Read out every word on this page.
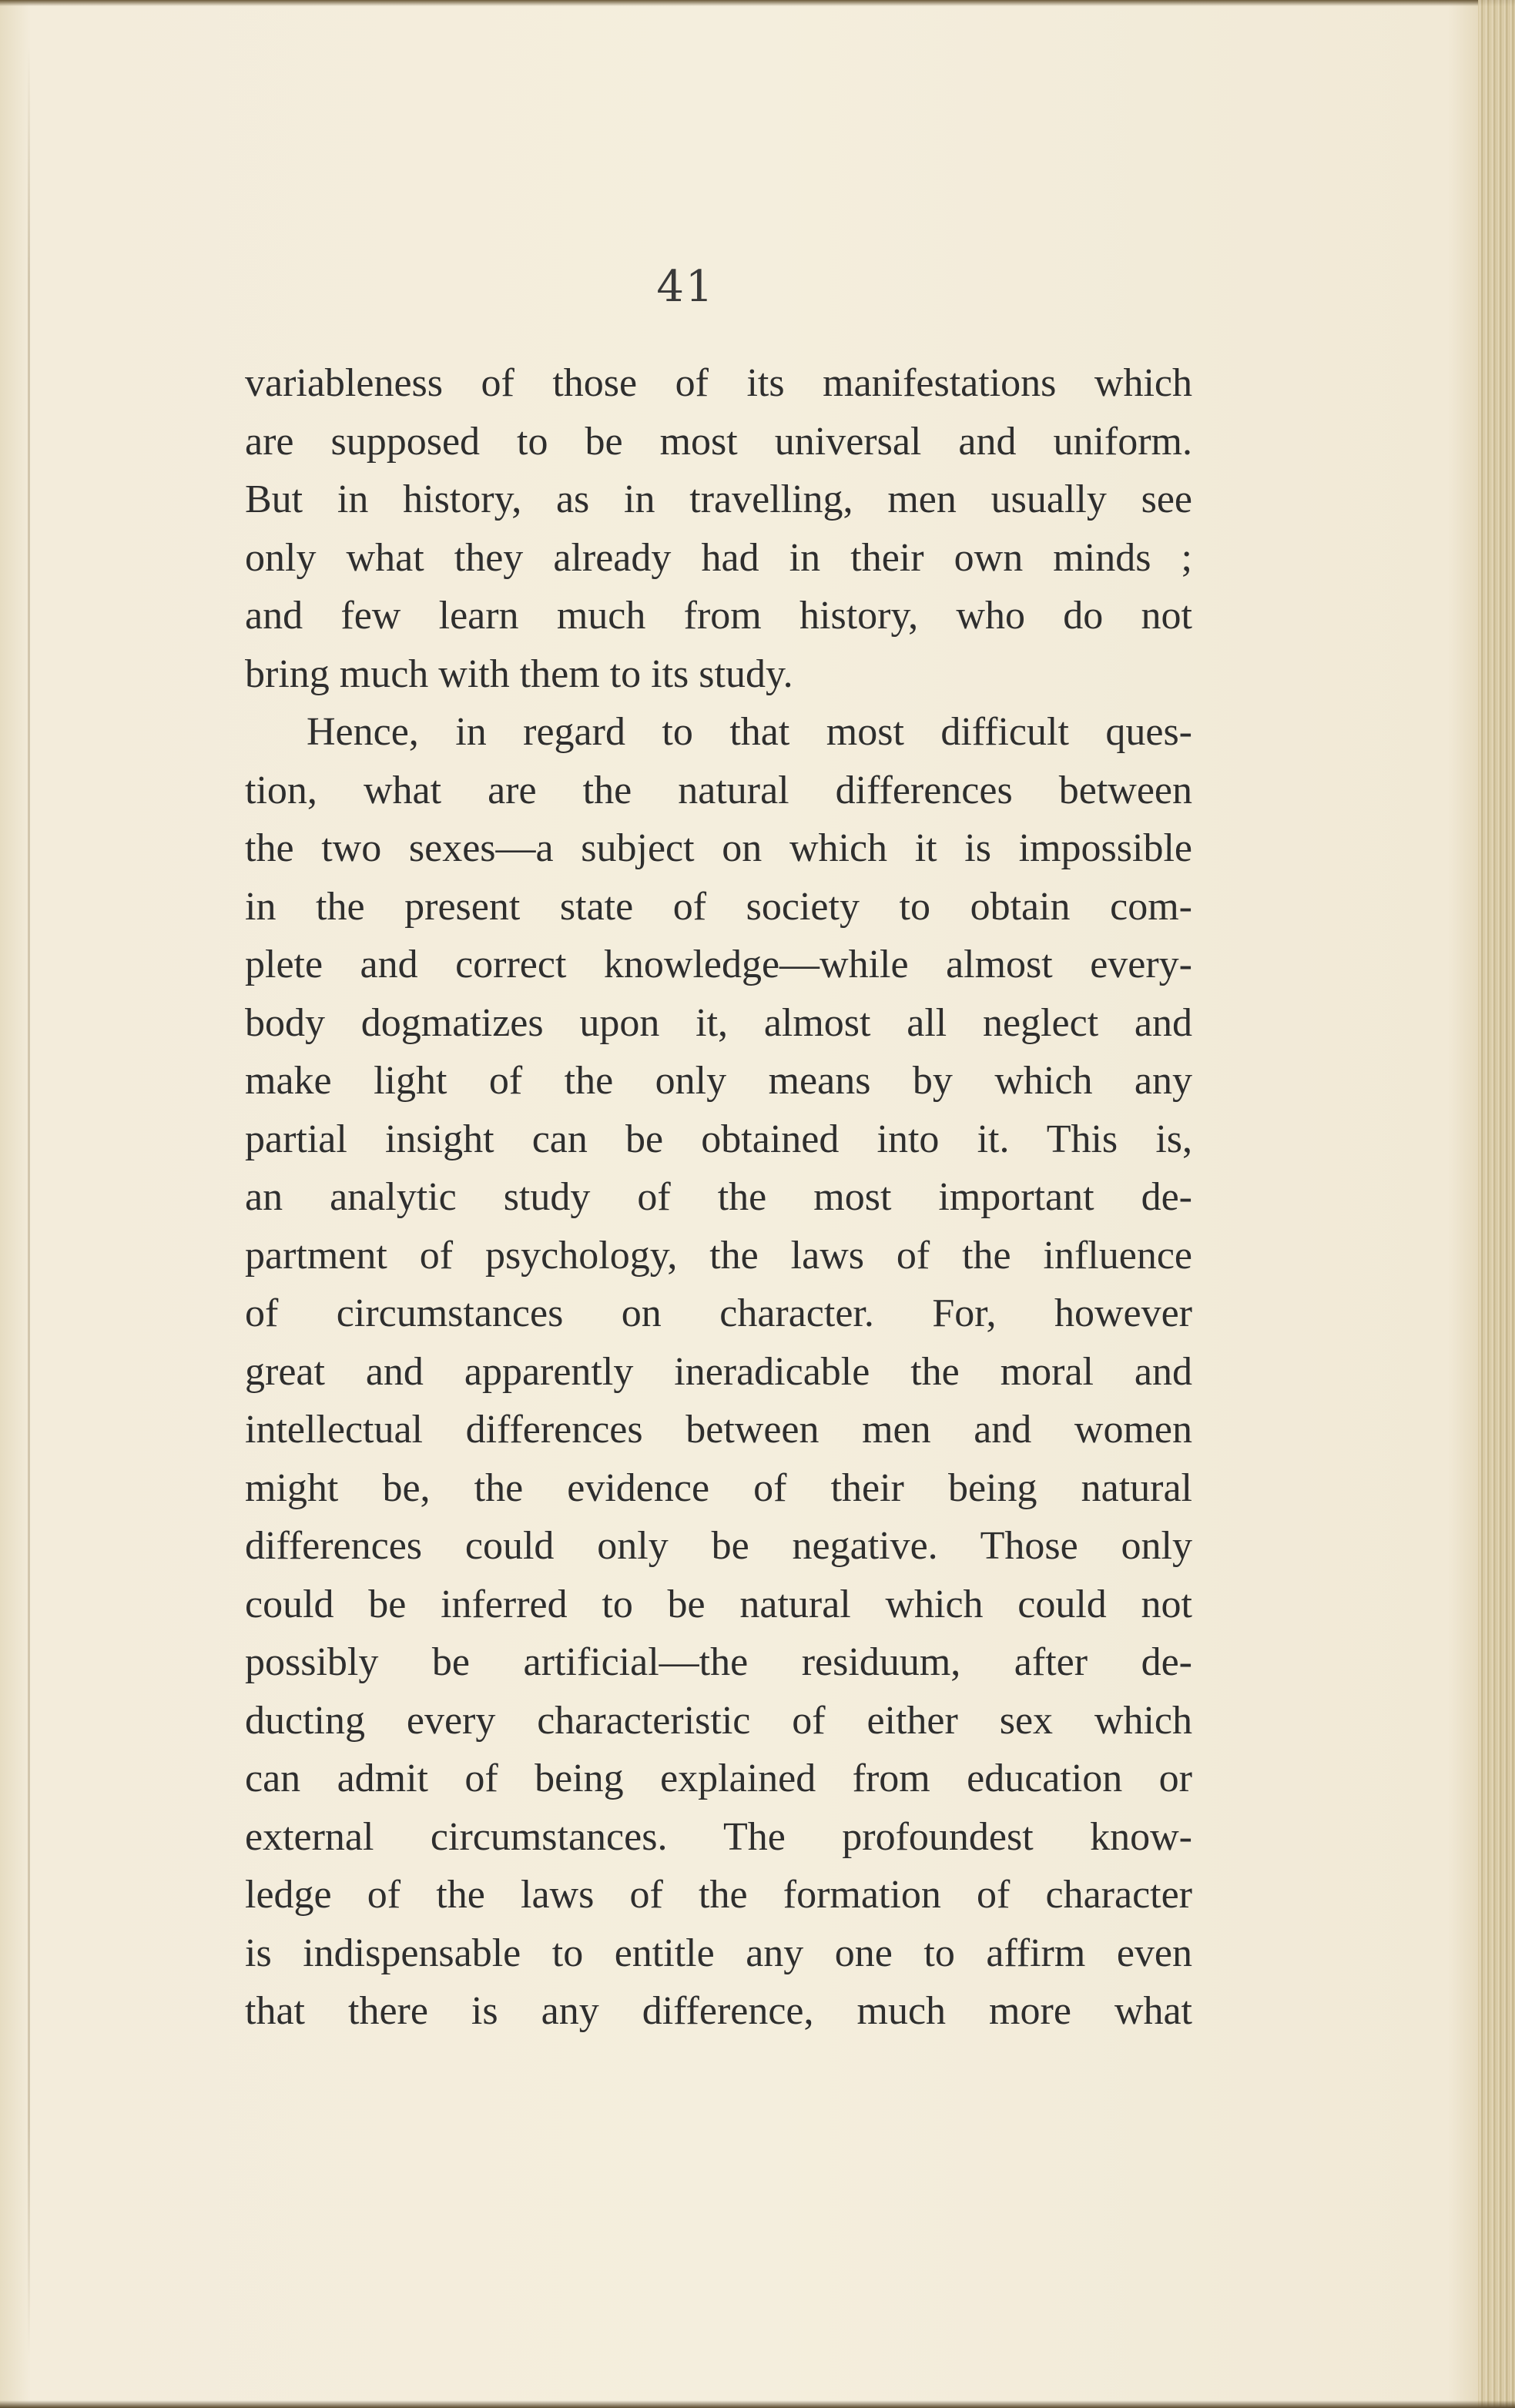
41
variableness of those of its manifestations which
are supposed to be most universal and uniform.
But in history, as in travelling, men usually see
only what they already had in their own minds ;
and few learn much from history, who do not
bring much with them to its study.
Hence, in regard to that most difficult ques-
tion, what are the natural differences between
the two sexes—a subject on which it is impossible
in the present state of society to obtain com-
plete and correct knowledge—while almost every-
body dogmatizes upon it, almost all neglect and
make light of the only means by which any
partial insight can be obtained into it. This is,
an analytic study of the most important de-
partment of psychology, the laws of the influence
of circumstances on character. For, however
great and apparently ineradicable the moral and
intellectual differences between men and women
might be, the evidence of their being natural
differences could only be negative. Those only
could be inferred to be natural which could not
possibly be artificial—the residuum, after de-
ducting every characteristic of either sex which
can admit of being explained from education or
external circumstances. The profoundest know-
ledge of the laws of the formation of character
is indispensable to entitle any one to affirm even
that there is any difference, much more what
